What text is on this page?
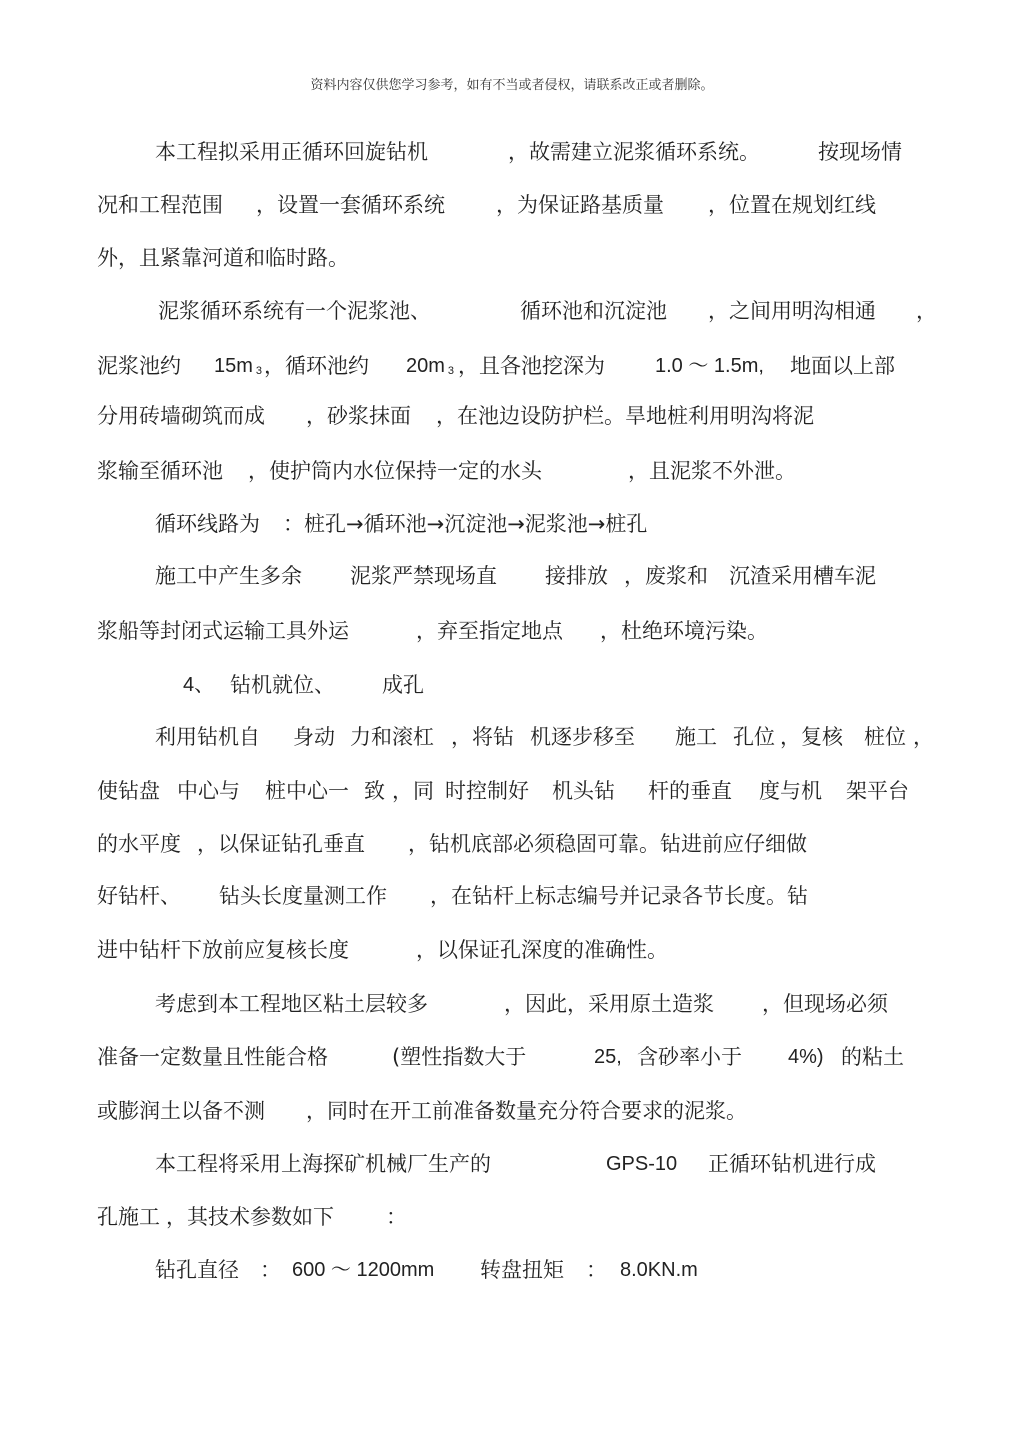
资料内容仅供您学习参考，如有不当或者侵权，请联系改正或者删除。
本工程拟采用正循环回旋钻机	，故需建立泥浆循环系统。	按现场情
况和工程范围 ，设置一套循环系统 ，为保证路基质量 ，位置在规划红线
外，且紧靠河道和临时路。
泥浆循环系统有一个泥浆池、	循环池和沉淀池 ，之间用明沟相通 ，
泥浆池约 15m $^3$ ，循环池约 20m $^3$ ，且各池挖深为	1.0 ～ 1.5m, 地面以上部
分用砖墙砌筑而成 ，砂浆抹面 ，在池边设防护栏。旱地桩利用明沟将泥
浆输至循环池 ，使护筒内水位保持一定的水头	，且泥浆不外泄。
循环线路为 ：桩孔→循环池→沉淀池→泥浆池→桩孔
施工中产生多余 泥浆严禁现场直 接排放 ，废浆和 沉渣采用槽车泥
浆船等封闭式运输工具外运	，弃至指定地点 ，杜绝环境污染。
4、 钻机就位、 成孔
利用钻机自 身动 力和滚杠 ，将钻 机逐步移至 施工 孔位 ，复核 桩位 ，
使钻盘 中心与 桩中心一 致 ，同 时控制好 机头钻 杆的垂直 度与机 架平台
的水平度 ，以保证钻孔垂直 ，钻机底部必须稳固可靠。钻进前应仔细做
好钻杆、 钻头长度量测工作 ，在钻杆上标志编号并记录各节长度。钻
进中钻杆下放前应复核长度	，以保证孔深度的准确性。
考虑到本工程地区粘土层较多	，因此，采用原土造浆 ，但现场必须
准备一定数量且性能合格	(塑性指数大于	25, 含砂率小于 4%) 的粘土
或膨润土以备不测 ，同时在开工前准备数量充分符合要求的泥浆。
本工程将采用上海探矿机械厂生产的	GPS-10 正循环钻机进行成
孔施工 ，其技术参数如下 ：
钻孔直径 ： 600 ～ 1200mm 转盘扭矩 ： 8.0KN.m
